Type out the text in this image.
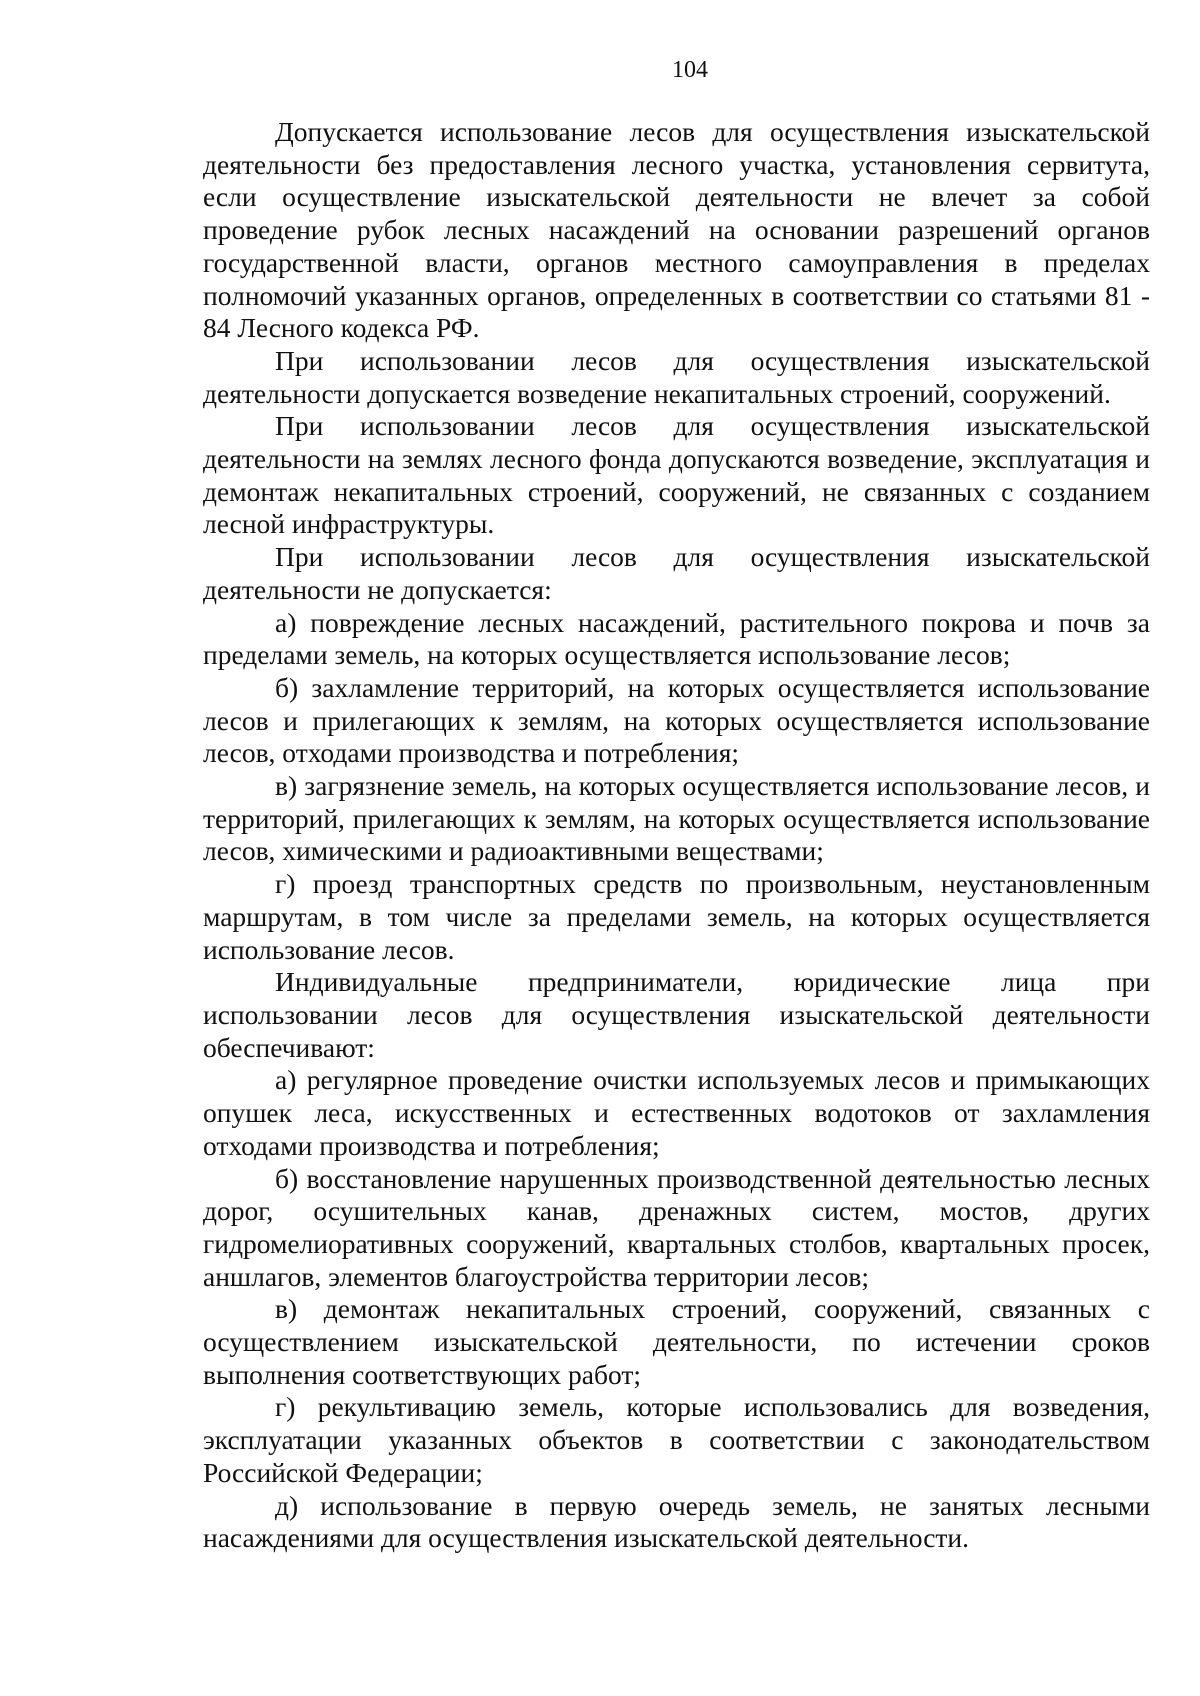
104

Допускается использование лесов для осуществления изыскательской деятельности без предоставления лесного участка, установления сервитута, если осуществление изыскательской деятельности не влечет за собой проведение рубок лесных насаждений на основании разрешений органов государственной власти, органов местного самоуправления в пределах полномочий указанных органов, определенных в соответствии со статьями 81 - 84 Лесного кодекса РФ.

При использовании лесов для осуществления изыскательской деятельности допускается возведение некапитальных строений, сооружений.

При использовании лесов для осуществления изыскательской деятельности на землях лесного фонда допускаются возведение, эксплуатация и демонтаж некапитальных строений, сооружений, не связанных с созданием лесной инфраструктуры.

При использовании лесов для осуществления изыскательской деятельности не допускается:

а) повреждение лесных насаждений, растительного покрова и почв за пределами земель, на которых осуществляется использование лесов;

б) захламление территорий, на которых осуществляется использование лесов и прилегающих к землям, на которых осуществляется использование лесов, отходами производства и потребления;

в) загрязнение земель, на которых осуществляется использование лесов, и территорий, прилегающих к землям, на которых осуществляется использование лесов, химическими и радиоактивными веществами;

г) проезд транспортных средств по произвольным, неустановленным маршрутам, в том числе за пределами земель, на которых осуществляется использование лесов.

Индивидуальные предприниматели, юридические лица при использовании лесов для осуществления изыскательской деятельности обеспечивают:

а) регулярное проведение очистки используемых лесов и примыкающих опушек леса, искусственных и естественных водотоков от захламления отходами производства и потребления;

б) восстановление нарушенных производственной деятельностью лесных дорог, осушительных канав, дренажных систем, мостов, других гидромелиоративных сооружений, квартальных столбов, квартальных просек, аншлагов, элементов благоустройства территории лесов;

в) демонтаж некапитальных строений, сооружений, связанных с осуществлением изыскательской деятельности, по истечении сроков выполнения соответствующих работ;

г) рекультивацию земель, которые использовались для возведения, эксплуатации указанных объектов в соответствии с законодательством Российской Федерации;

д) использование в первую очередь земель, не занятых лесными насаждениями для осуществления изыскательской деятельности.
